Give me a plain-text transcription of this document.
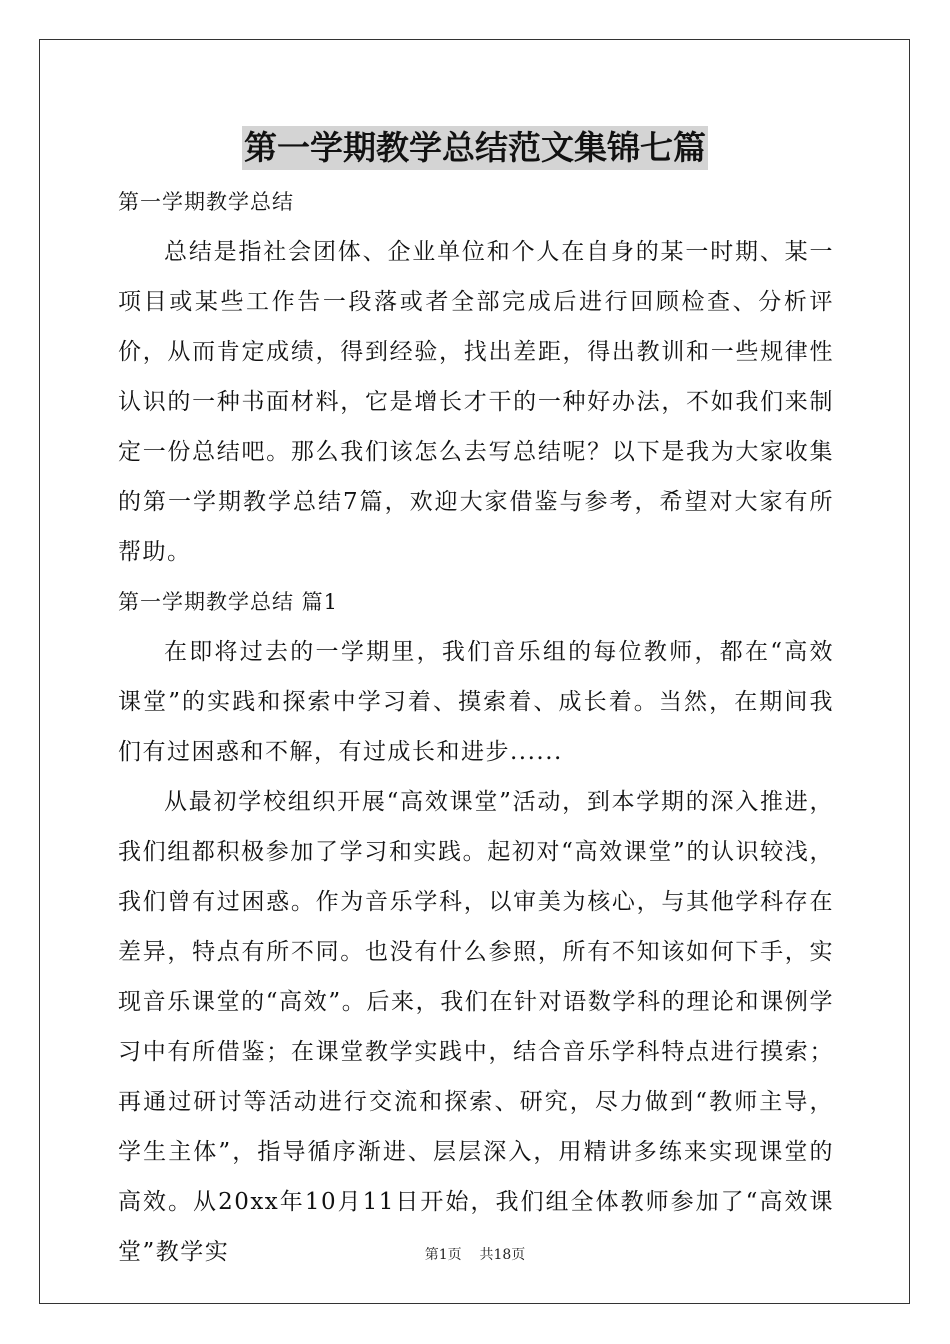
第一学期教学总结范文集锦七篇

第一学期教学总结

总结是指社会团体、企业单位和个人在自身的某一时期、某一项目或某些工作告一段落或者全部完成后进行回顾检查、分析评价，从而肯定成绩，得到经验，找出差距，得出教训和一些规律性认识的一种书面材料，它是增长才干的一种好办法，不如我们来制定一份总结吧。那么我们该怎么去写总结呢？以下是我为大家收集的第一学期教学总结7篇，欢迎大家借鉴与参考，希望对大家有所帮助。

第一学期教学总结 篇1

在即将过去的一学期里，我们音乐组的每位教师，都在“高效课堂”的实践和探索中学习着、摸索着、成长着。当然，在期间我们有过困惑和不解，有过成长和进步......

从最初学校组织开展“高效课堂”活动，到本学期的深入推进，我们组都积极参加了学习和实践。起初对“高效课堂”的认识较浅，我们曾有过困惑。作为音乐学科，以审美为核心，与其他学科存在差异，特点有所不同。也没有什么参照，所有不知该如何下手，实现音乐课堂的“高效”。后来，我们在针对语数学科的理论和课例学习中有所借鉴；在课堂教学实践中，结合音乐学科特点进行摸索；再通过研讨等活动进行交流和探索、研究，尽力做到“教师主导，学生主体”，指导循序渐进、层层深入，用精讲多练来实现课堂的高效。从20xx年10月11日开始，我们组全体教师参加了“高效课堂”教学实	第1页    共18页
